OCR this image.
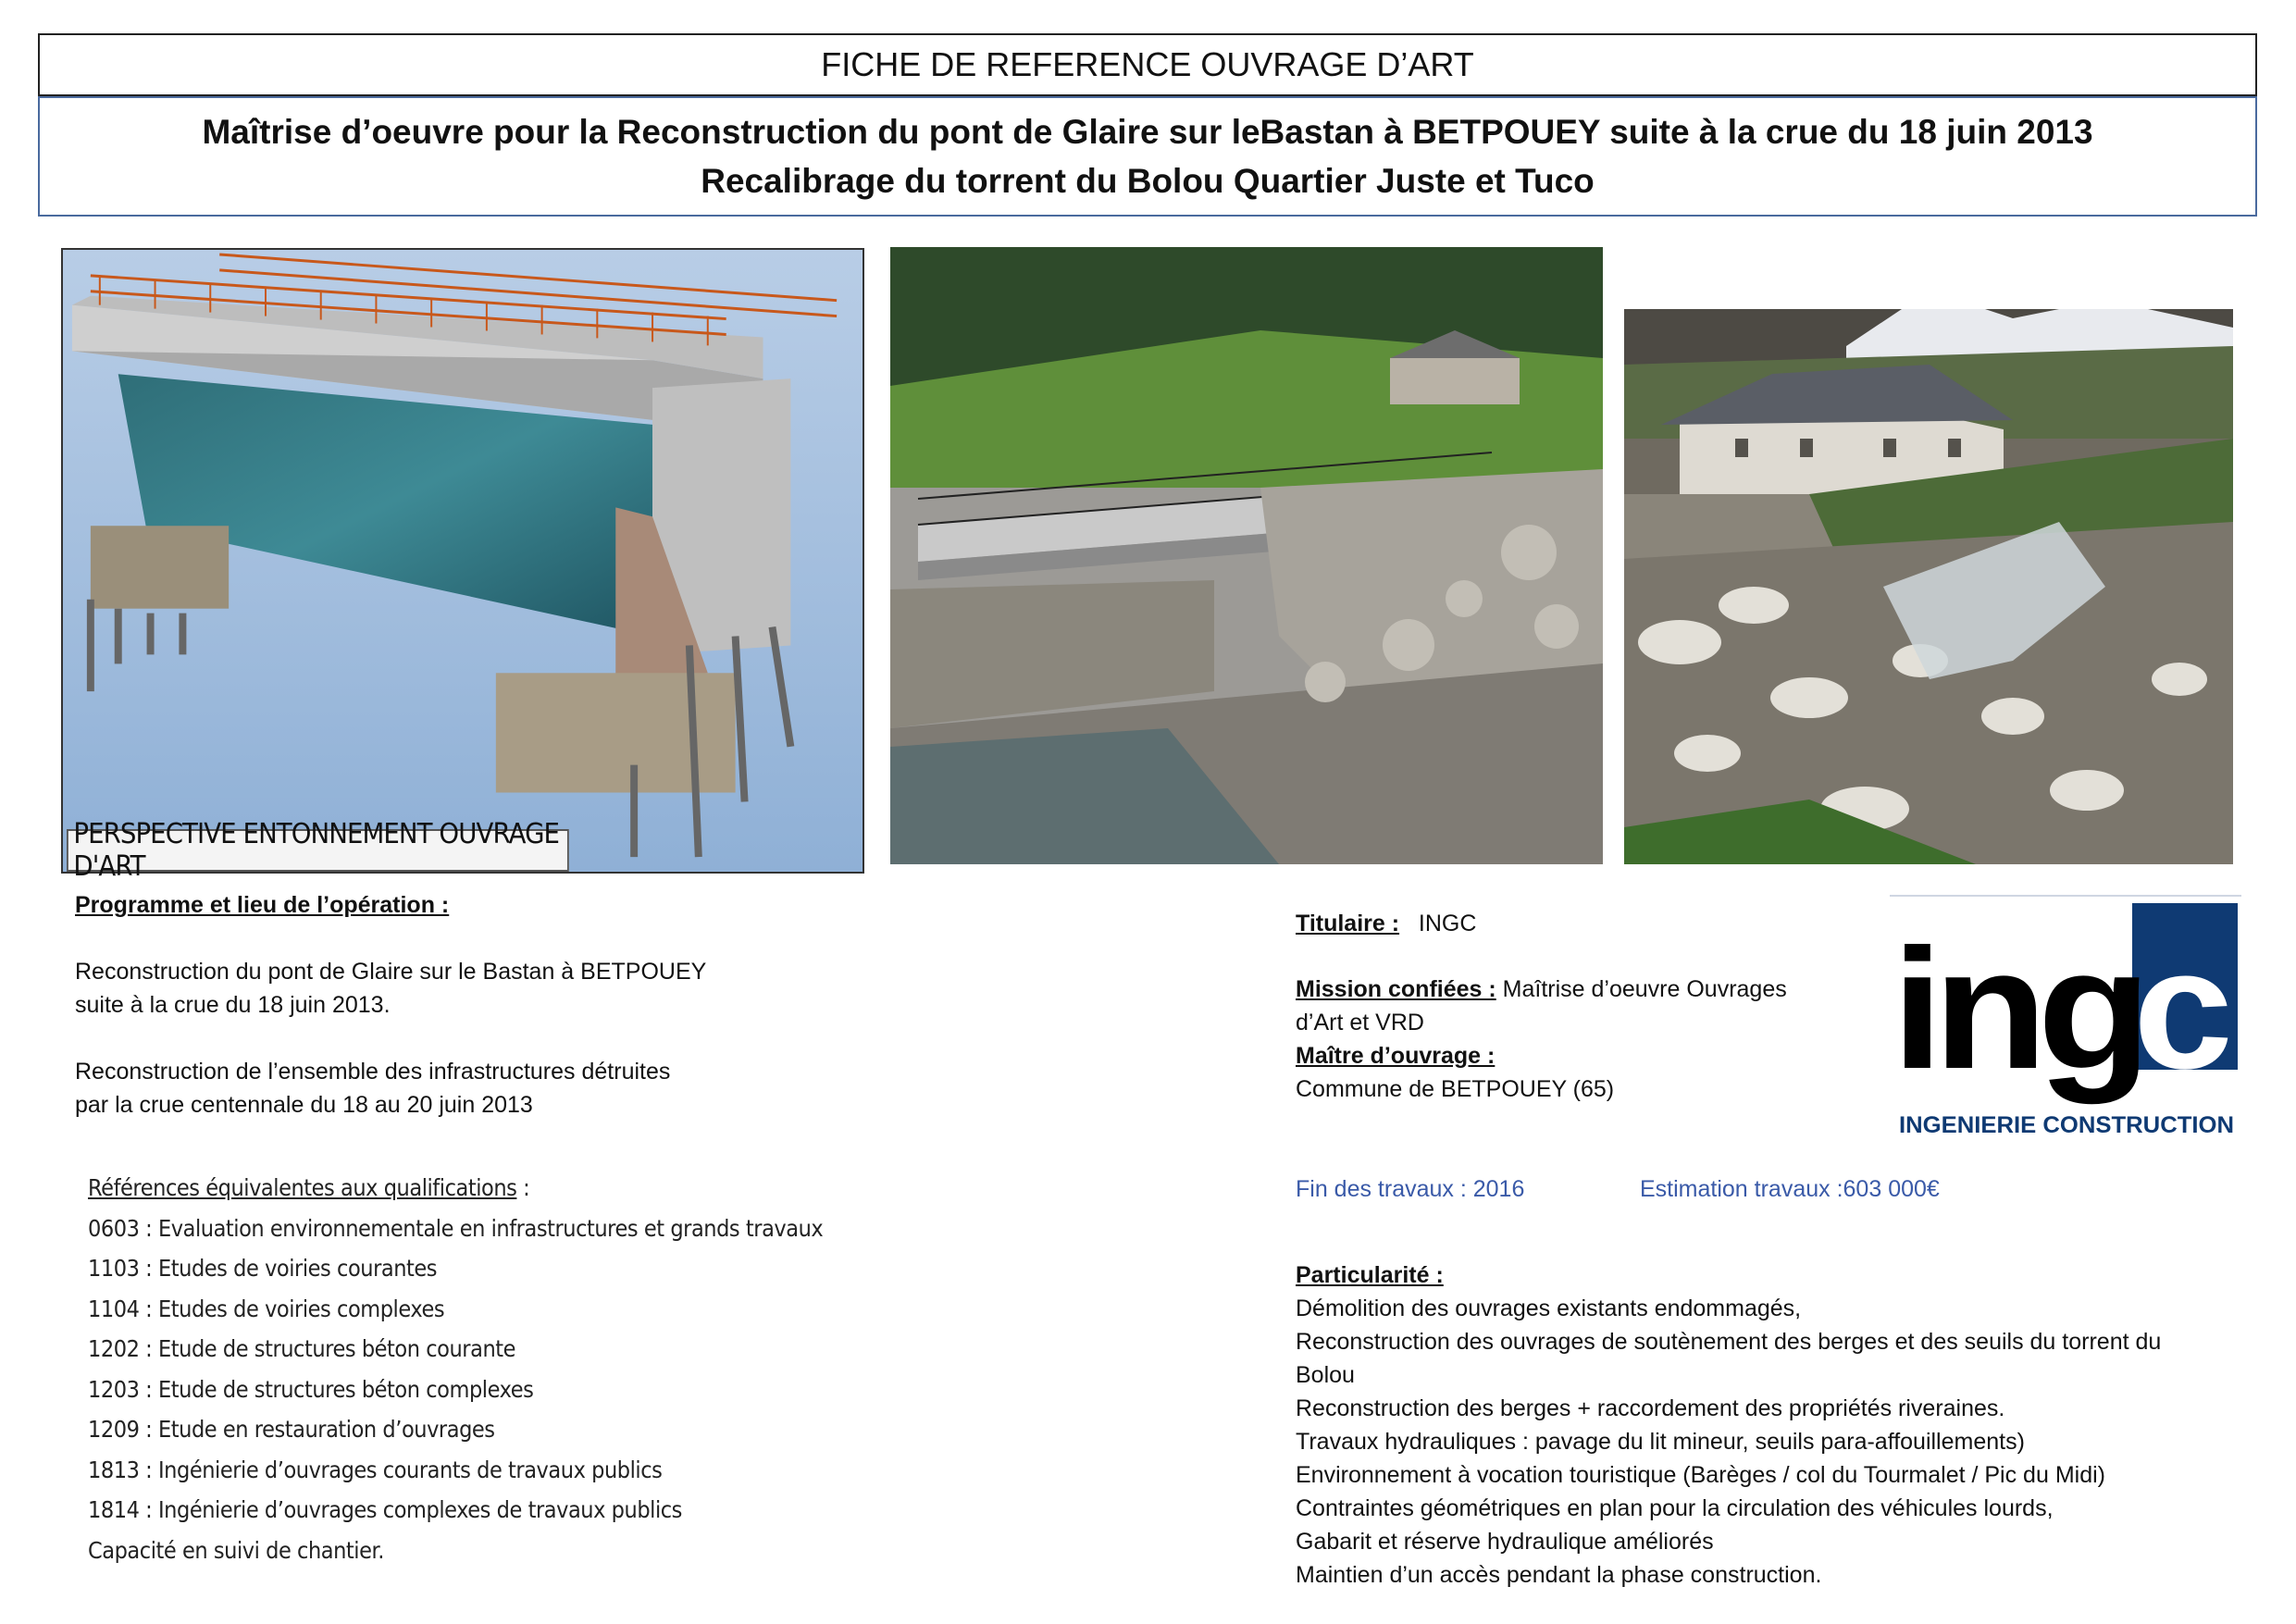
FICHE DE REFERENCE OUVRAGE D’ART
Maîtrise d’oeuvre pour la Reconstruction du pont de Glaire sur leBastan à BETPOUEY suite à la crue du 18 juin 2013
Recalibrage du torrent du Bolou Quartier Juste et Tuco
PERSPECTIVE ENTONNEMENT OUVRAGE D'ART
Programme et lieu de l’opération :
Reconstruction du pont de Glaire sur le Bastan à BETPOUEY
suite à la crue du 18 juin 2013.
Reconstruction de l’ensemble des infrastructures détruites
par la crue centennale du 18 au 20 juin 2013
Références équivalentes aux qualifications :
0603 : Evaluation environnementale en infrastructures et grands travaux
1103 : Etudes de voiries courantes
1104 : Etudes de voiries complexes
1202 : Etude de structures béton courante
1203 : Etude de structures béton complexes
1209 : Etude en restauration d’ouvrages
1813 : Ingénierie d’ouvrages courants de travaux publics
1814 : Ingénierie d’ouvrages complexes de travaux publics
Capacité en suivi de chantier.
Titulaire : INGC
Mission confiées : Maîtrise d’oeuvre Ouvrages
d’Art et VRD
Maître d’ouvrage :
Commune de BETPOUEY (65)
Fin des travaux : 2016	Estimation travaux :603 000€
Particularité :
Démolition des ouvrages existants endommagés,
Reconstruction des ouvrages de soutènement des berges et des seuils du torrent du
Bolou
Reconstruction des berges + raccordement des propriétés riveraines.
Travaux hydrauliques : pavage du lit mineur, seuils para-affouillements)
Environnement à vocation touristique (Barèges / col du Tourmalet / Pic du Midi)
Contraintes géométriques en plan pour la circulation des véhicules lourds,
Gabarit et réserve hydraulique améliorés
Maintien d’un accès pendant la phase construction.
ing
c
INGENIERIE CONSTRUCTION
